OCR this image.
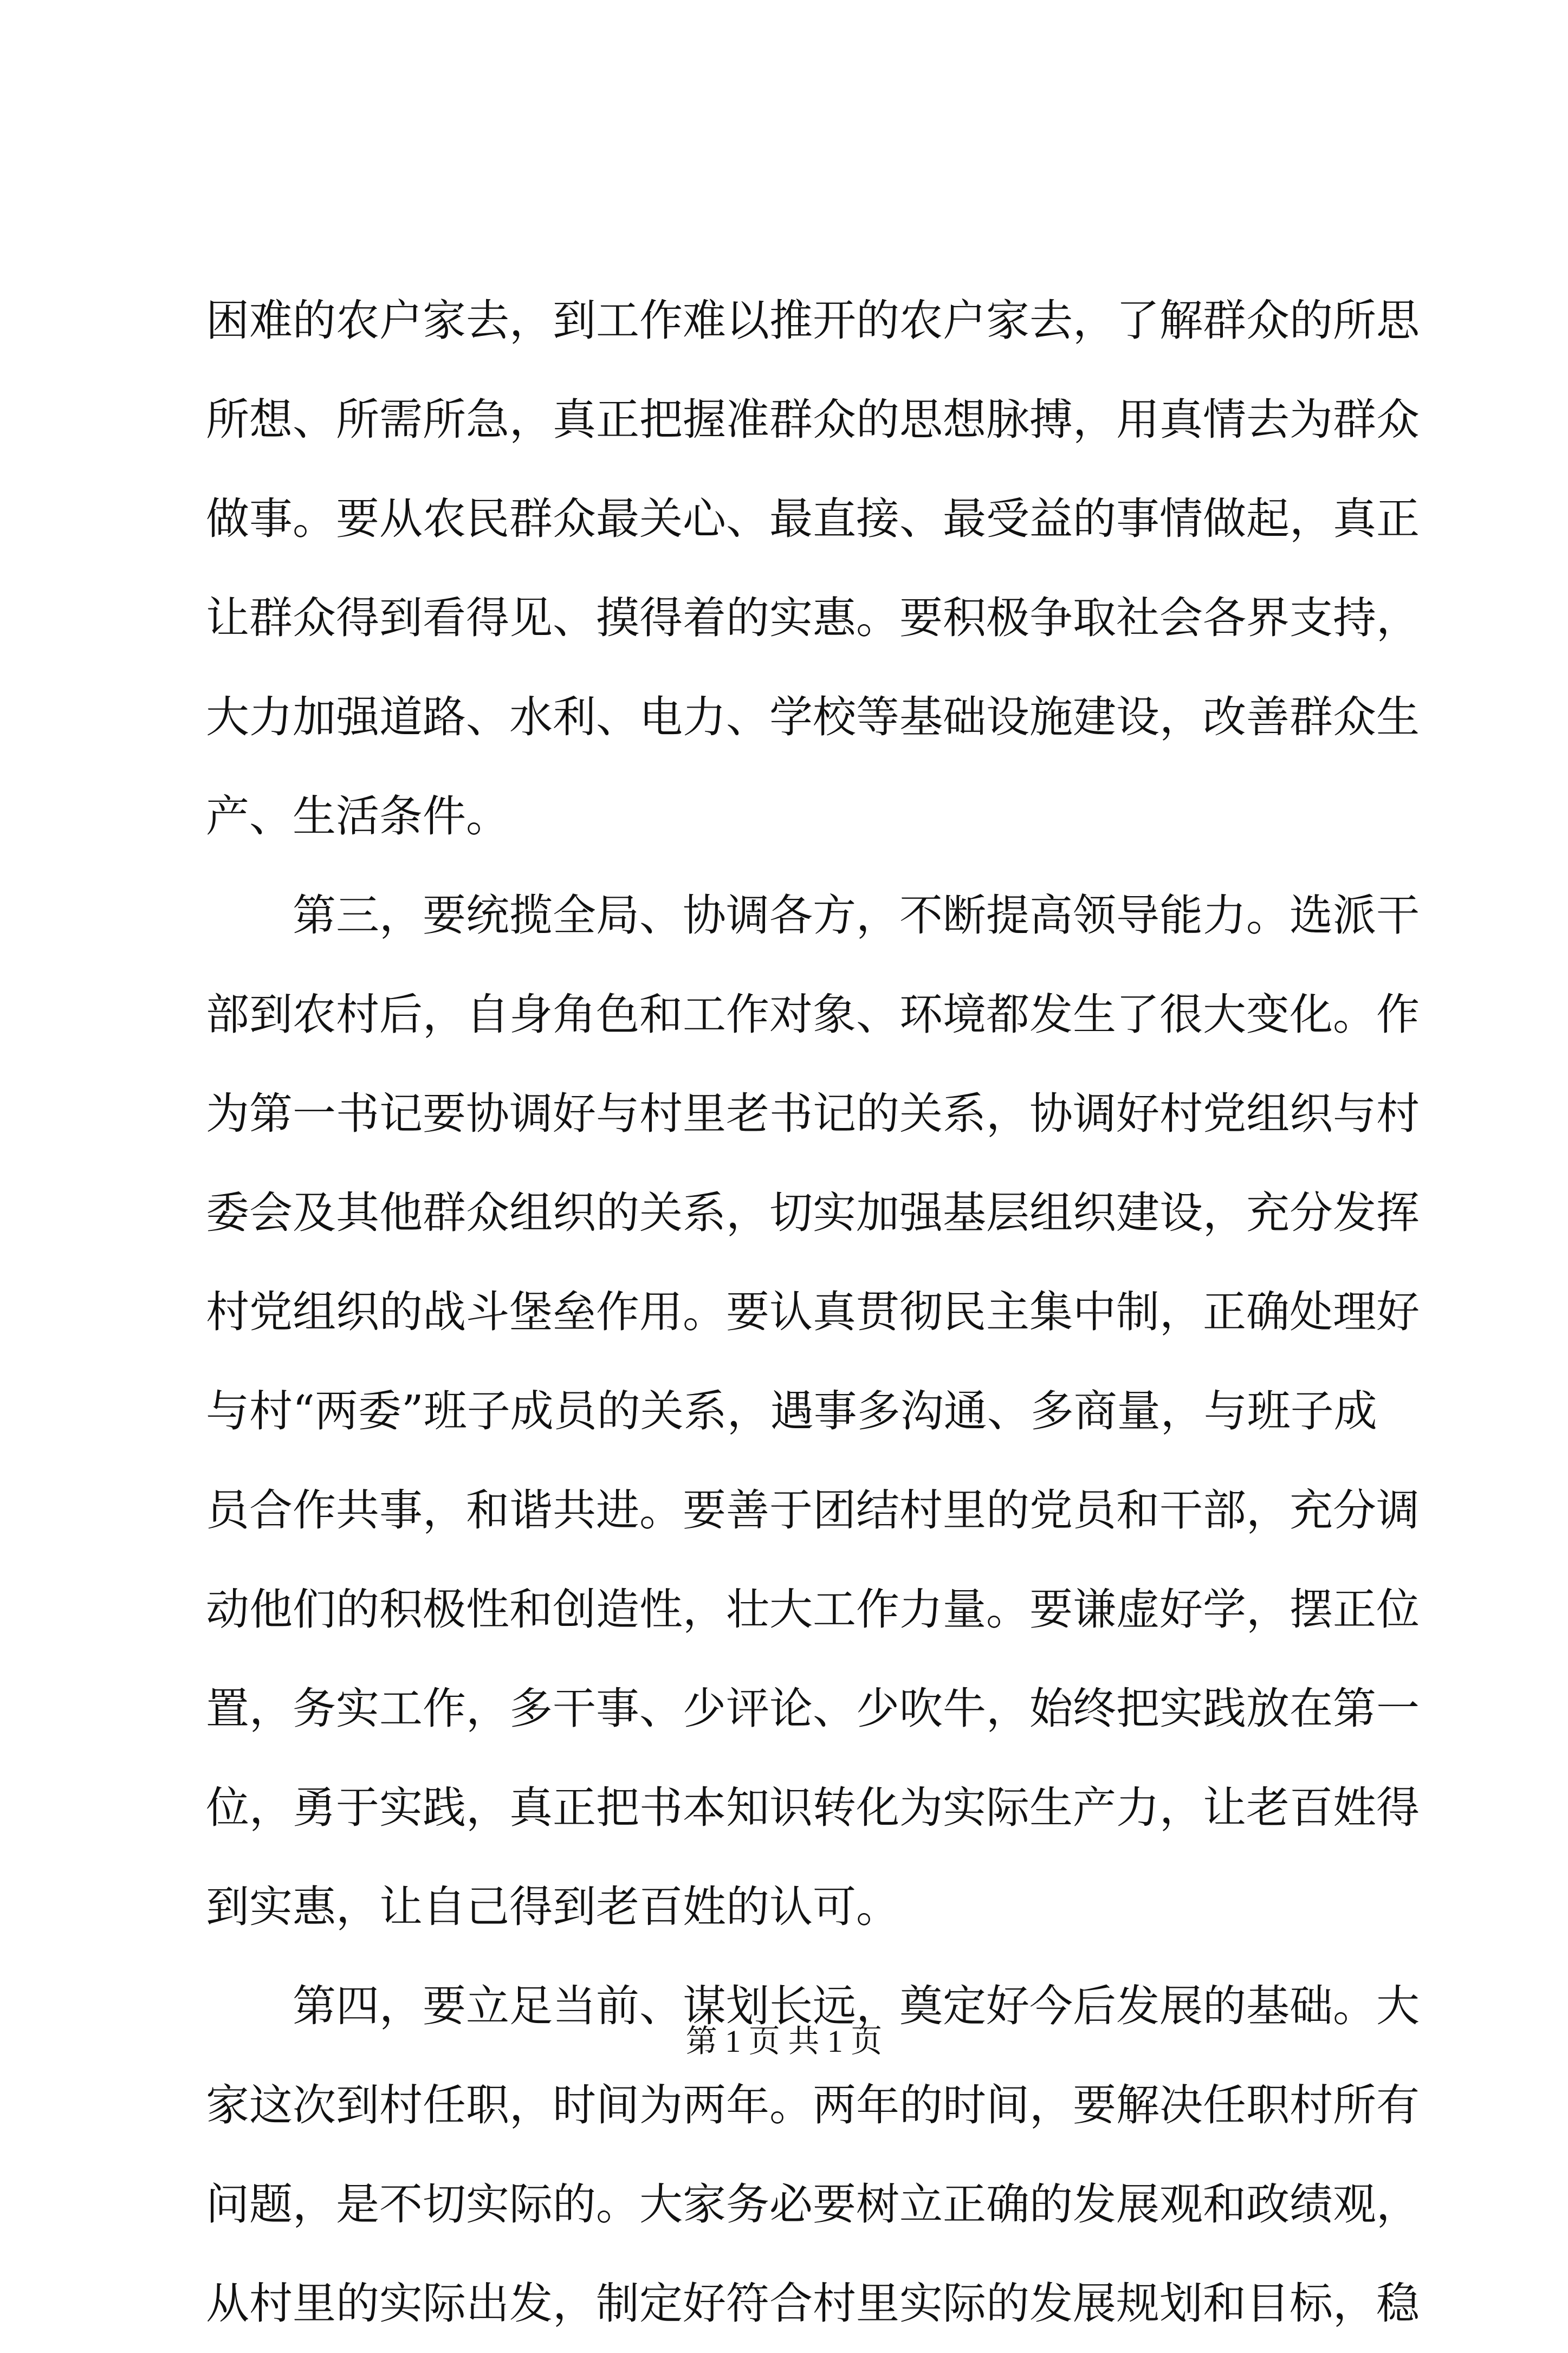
困难的农户家去，到工作难以推开的农户家去，了解群众的所思
所想、所需所急，真正把握准群众的思想脉搏，用真情去为群众
做事。要从农民群众最关心、最直接、最受益的事情做起，真正
让群众得到看得见、摸得着的实惠。要积极争取社会各界支持，
大力加强道路、水利、电力、学校等基础设施建设，改善群众生
产、生活条件。
第三，要统揽全局、协调各方，不断提高领导能力。选派干
部到农村后，自身角色和工作对象、环境都发生了很大变化。作
为第一书记要协调好与村里老书记的关系，协调好村党组织与村
委会及其他群众组织的关系，切实加强基层组织建设，充分发挥
村党组织的战斗堡垒作用。要认真贯彻民主集中制，正确处理好
与村“两委”班子成员的关系，遇事多沟通、多商量，与班子成
员合作共事，和谐共进。要善于团结村里的党员和干部，充分调
动他们的积极性和创造性，壮大工作力量。要谦虚好学，摆正位
置，务实工作，多干事、少评论、少吹牛，始终把实践放在第一
位，勇于实践，真正把书本知识转化为实际生产力，让老百姓得
到实惠，让自己得到老百姓的认可。
第四，要立足当前、谋划长远，奠定好今后发展的基础。大
家这次到村任职，时间为两年。两年的时间，要解决任职村所有
问题，是不切实际的。大家务必要树立正确的发展观和政绩观，
从村里的实际出发，制定好符合村里实际的发展规划和目标，稳
第 1 页 共 1 页
